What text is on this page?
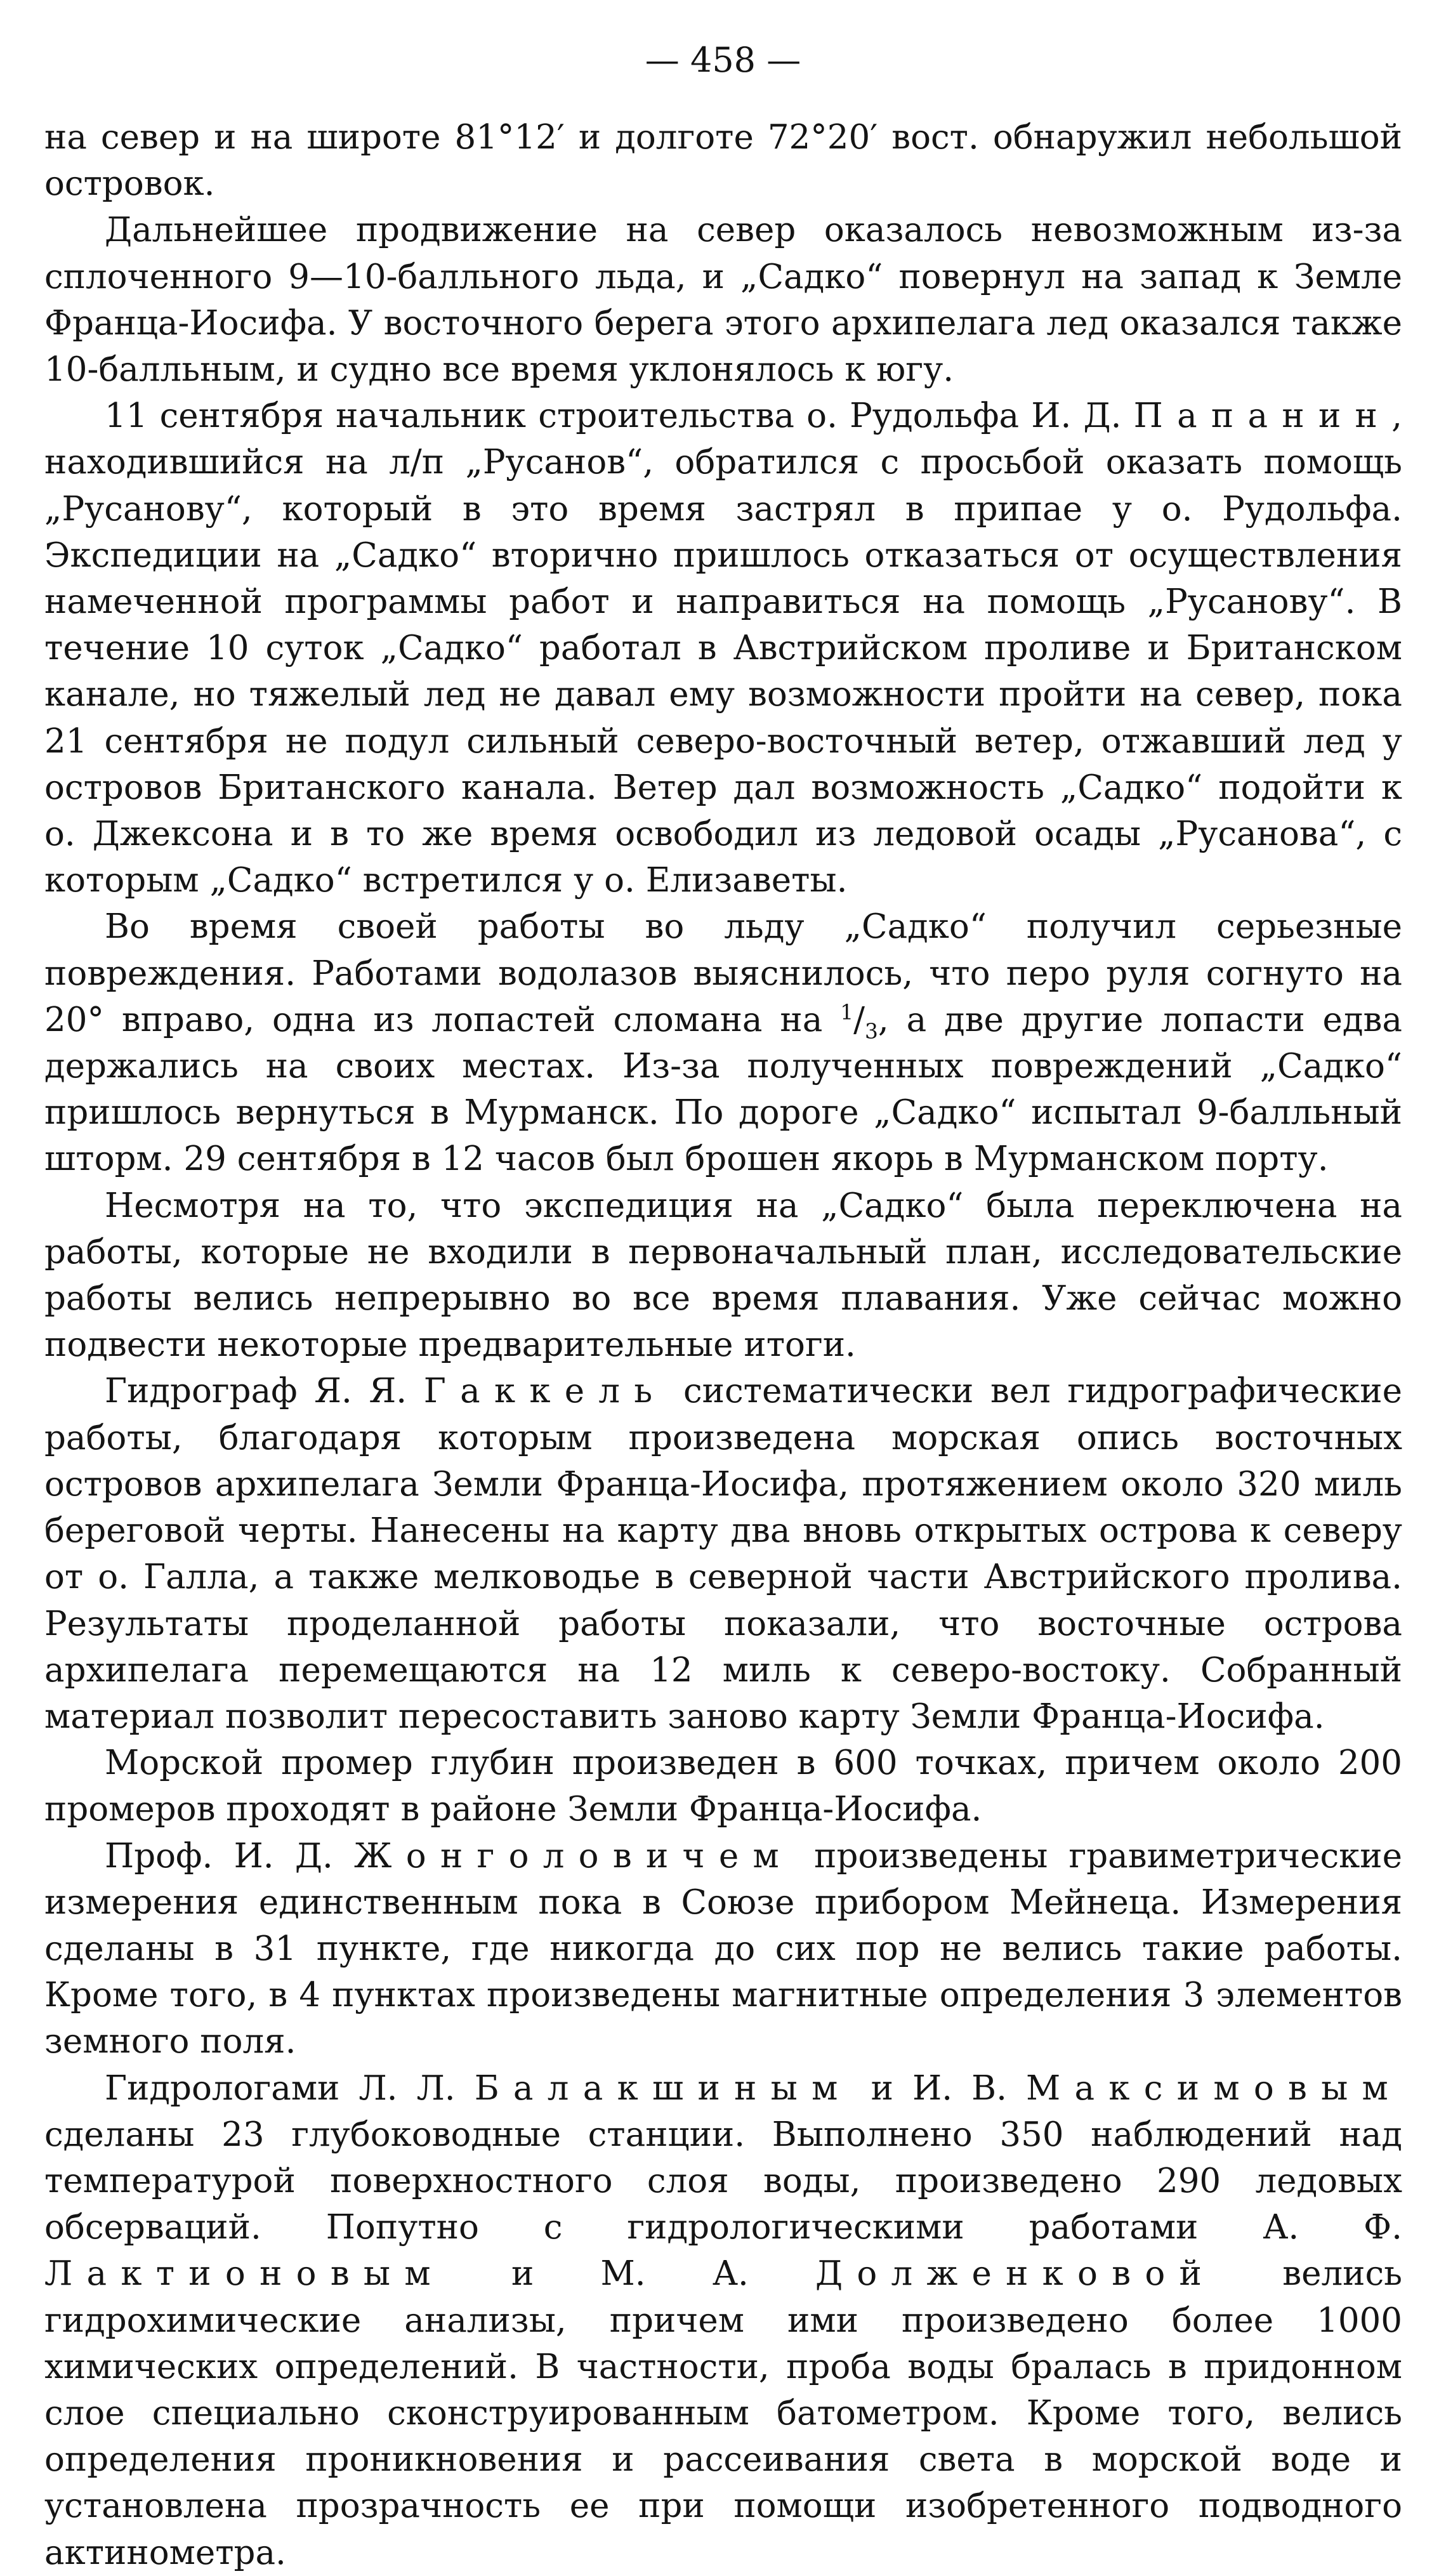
— 458 —

на север и на широте 81°12′ и долготе 72°20′ вост. обнаружил небольшой островок.

Дальнейшее продвижение на север оказалось невозможным из-за сплоченного 9—10-балльного льда, и „Садко“ повернул на запад к Земле Франца-Иосифа. У восточного берега этого архипелага лед оказался также 10-балльным, и судно все время уклонялось к югу.

11 сентября начальник строительства о. Рудольфа И. Д. Папанин, находившийся на л/п „Русанов“, обратился с просьбой оказать помощь „Русанову“, который в это время застрял в припае у о. Рудольфа. Экспедиции на „Садко“ вторично пришлось отказаться от осуществления намеченной программы работ и направиться на помощь „Русанову“. В течение 10 суток „Садко“ работал в Австрийском проливе и Британском канале, но тяжелый лед не давал ему возможности пройти на север, пока 21 сентября не подул сильный северо-восточный ветер, отжавший лед у островов Британского канала. Ветер дал возможность „Садко“ подойти к о. Джексона и в то же время освободил из ледовой осады „Русанова“, с которым „Садко“ встретился у о. Елизаветы.

Во время своей работы во льду „Садко“ получил серьезные повреждения. Работами водолазов выяснилось, что перо руля согнуто на 20° вправо, одна из лопастей сломана на $^1/_3$, а две другие лопасти едва держались на своих местах. Из-за полученных повреждений „Садко“ пришлось вернуться в Мурманск. По дороге „Садко“ испытал 9-балльный шторм. 29 сентября в 12 часов был брошен якорь в Мурманском порту.

Несмотря на то, что экспедиция на „Садко“ была переключена на работы, которые не входили в первоначальный план, исследовательские работы велись непрерывно во все время плавания. Уже сейчас можно подвести некоторые предварительные итоги.

Гидрограф Я. Я. Гаккель систематически вел гидрографические работы, благодаря которым произведена морская опись восточных островов архипелага Земли Франца-Иосифа, протяжением около 320 миль береговой черты. Нанесены на карту два вновь открытых острова к северу от о. Галла, а также мелководье в северной части Австрийского пролива. Результаты проделанной работы показали, что восточные острова архипелага перемещаются на 12 миль к северо-востоку. Собранный материал позволит пересоставить заново карту Земли Франца-Иосифа.

Морской промер глубин произведен в 600 точках, причем около 200 промеров проходят в районе Земли Франца-Иосифа.

Проф. И. Д. Жонголовичем произведены гравиметрические измерения единственным пока в Союзе прибором Мейнеца. Измерения сделаны в 31 пункте, где никогда до сих пор не велись такие работы. Кроме того, в 4 пунктах произведены магнитные определения 3 элементов земного поля.

Гидрологами Л. Л. Балакшиным и И. В. Максимовым сделаны 23 глубоководные станции. Выполнено 350 наблюдений над температурой поверхностного слоя воды, произведено 290 ледовых обсерваций. Попутно с гидрологическими работами А. Ф. Лактионовым и М. А. Долженковой велись гидрохимические анализы, причем ими произведено более 1000 химических определений. В частности, проба воды бралась в придонном слое специально сконструированным батометром. Кроме того, велись определения проникновения и рассеивания света в морской воде и установлена прозрачность ее при помощи изобретенного подводного актинометра.
